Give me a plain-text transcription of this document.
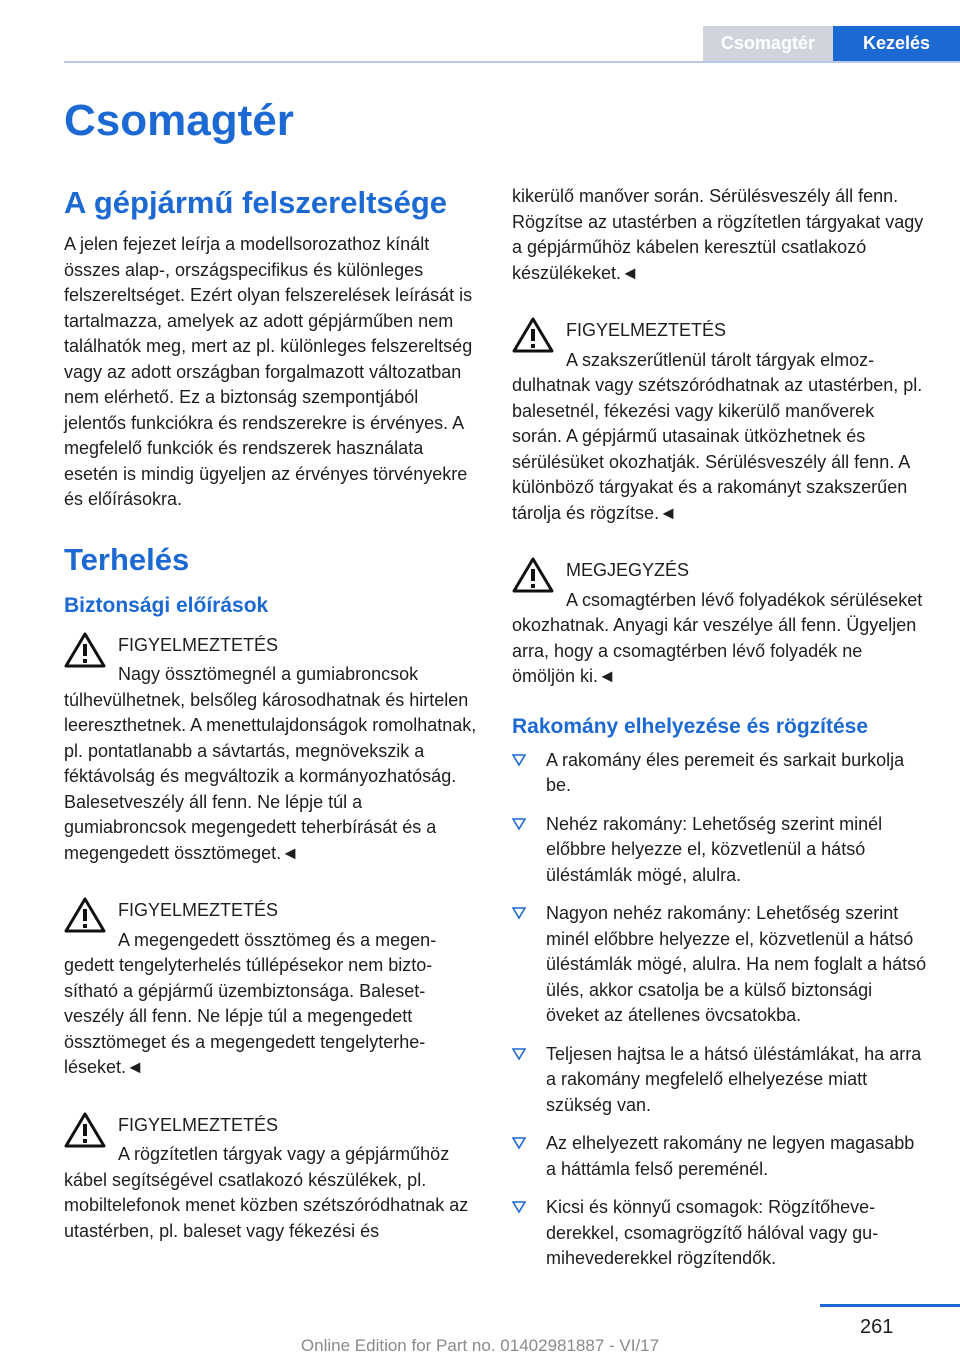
Csomagtér	Kezelés
Csomagtér
A gépjármű felszereltsége

A jelen fejezet leírja a modellsorozathoz kínált összes alap-, országspecifikus és különleges felszereltséget. Ezért olyan felszerelések leírását is tartalmazza, amelyek az adott gépjárműben nem találhatók meg, mert az pl. különleges felszereltség vagy az adott országban forgalmazott változatban nem elérhető. Ez a biztonság szempontjából jelentős funkciókra és rendszerekre is érvényes. A megfelelő funkciók és rendszerek használata esetén is mindig ügyeljen az érvényes törvényekre és előírásokra.

Terhelés
Biztonsági előírások
FIGYELMEZTETÉS

Nagy össztömegnél a gumiabroncsok túlhevülhetnek, belsőleg károsodhatnak és hirtelen leereszthetnek. A menettulajdonságok romolhatnak, pl. pontatlanabb a sávtartás, megnövekszik a féktávolság és megváltozik a kormányozhatóság. Balesetveszély áll fenn. Ne lépje túl a gumiabroncsok megengedett teherbírását és a megengedett össztömeget.◄

FIGYELMEZTETÉS

A megengedett össztömeg és a megengedett tengelyterhelés túllépésekor nem biztosítható a gépjármű üzembiztonsága. Balesetveszély áll fenn. Ne lépje túl a megengedett össztömeget és a megengedett tengelyterheléseket.◄

FIGYELMEZTETÉS

A rögzítetlen tárgyak vagy a gépjárműhöz kábel segítségével csatlakozó készülékek, pl. mobiltelefonok menet közben szétszóródhatnak az utastérben, pl. baleset vagy fékezési és

kikerülő manőver során. Sérülésveszély áll fenn. Rögzítse az utastérben a rögzítetlen tárgyakat vagy a gépjárműhöz kábelen keresztül csatlakozó készülékeket.◄

FIGYELMEZTETÉS

A szakszerűtlenül tárolt tárgyak elmozdulhatnak vagy szétszóródhatnak az utastérben, pl. balesetnél, fékezési vagy kikerülő manőverek során. A gépjármű utasainak ütközhetnek és sérülésüket okozhatják. Sérülésveszély áll fenn. A különböző tárgyakat és a rakományt szakszerűen tárolja és rögzítse.◄

MEGJEGYZÉS

A csomagtérben lévő folyadékok sérüléseket okozhatnak. Anyagi kár veszélye áll fenn. Ügyeljen arra, hogy a csomagtérben lévő folyadék ne ömöljön ki.◄

Rakomány elhelyezése és rögzítése
A rakomány éles peremeit és sarkait burkolja be.
Nehéz rakomány: Lehetőség szerint minél előbbre helyezze el, közvetlenül a hátsó üléstámlák mögé, alulra.
Nagyon nehéz rakomány: Lehetőség szerint minél előbbre helyezze el, közvetlenül a hátsó üléstámlák mögé, alulra. Ha nem foglalt a hátsó ülés, akkor csatolja be a külső biztonsági öveket az átellenes övcsatokba.
Teljesen hajtsa le a hátsó üléstámlákat, ha arra a rakomány megfelelő elhelyezése miatt szükség van.
Az elhelyezett rakomány ne legyen magasabb a háttámla felső pereménél.
Kicsi és könnyű csomagok: Rögzítőhevederekkel, csomagrögzítő hálóval vagy gumihevederekkel rögzítendők.
261
Online Edition for Part no. 01402981887 - VI/17
